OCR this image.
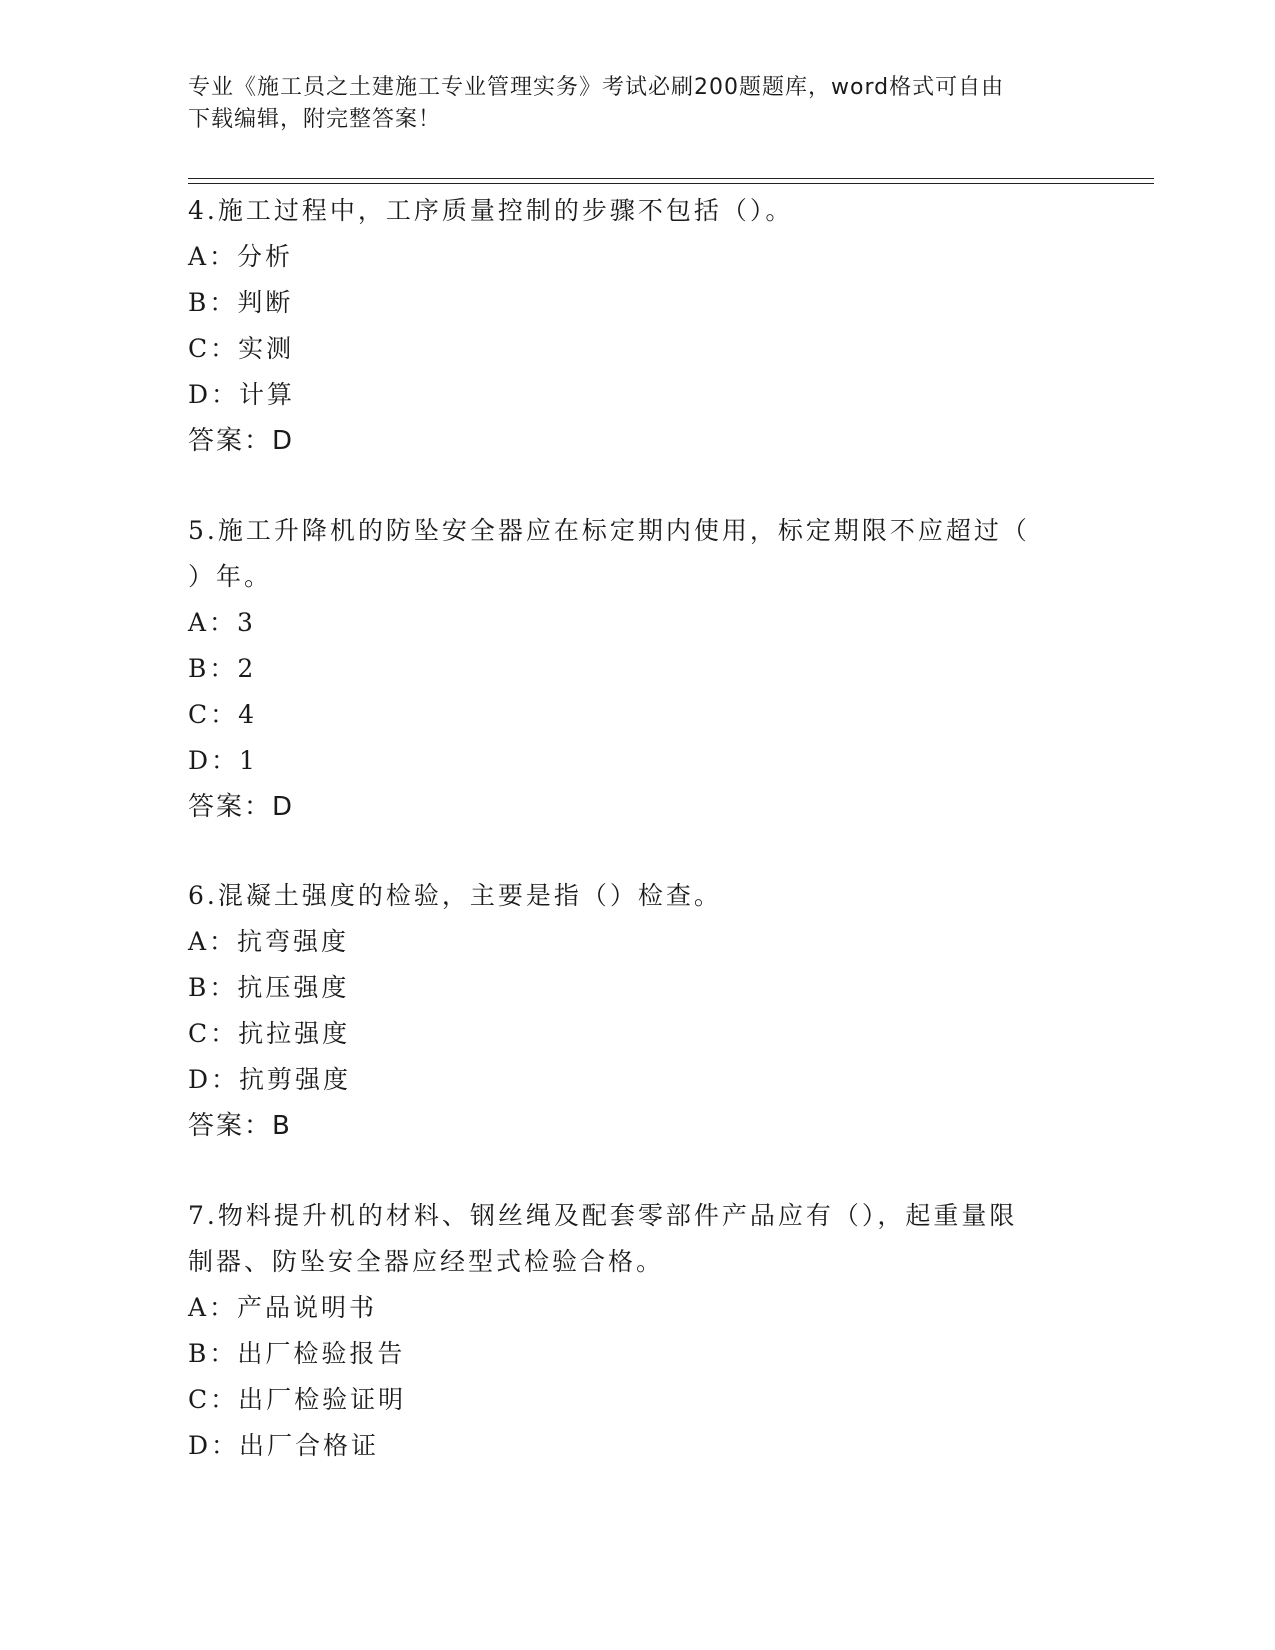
专业《施工员之土建施工专业管理实务》考试必刷200题题库，word格式可自由
下载编辑，附完整答案！
4.施工过程中，工序质量控制的步骤不包括（）。
A：分析
B：判断
C：实测
D：计算
答案：D
5.施工升降机的防坠安全器应在标定期内使用，标定期限不应超过（
）年。
A：3
B：2
C：4
D：1
答案：D
6.混凝土强度的检验，主要是指（）检查。
A：抗弯强度
B：抗压强度
C：抗拉强度
D：抗剪强度
答案：B
7.物料提升机的材料、钢丝绳及配套零部件产品应有（），起重量限
制器、防坠安全器应经型式检验合格。
A：产品说明书
B：出厂检验报告
C：出厂检验证明
D：出厂合格证
